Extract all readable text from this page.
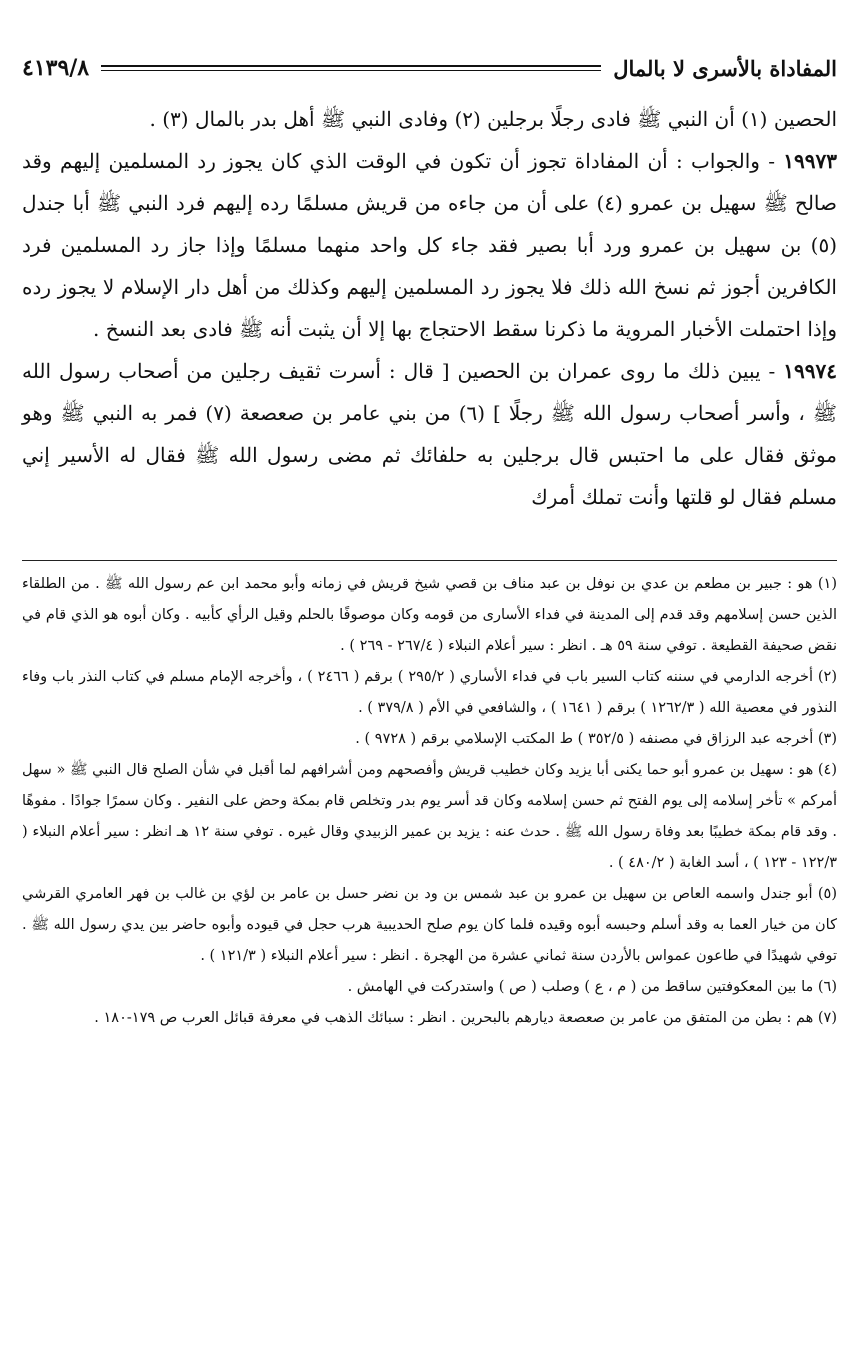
المفاداة بالأسرى لا بالمال
٤١٣٩/٨

الحصين (١) أن النبي ﷺ فادى رجلًا برجلين (٢) وفادى النبي ﷺ أهل بدر بالمال (٣) .

١٩٩٧٣ - والجواب : أن المفاداة تجوز أن تكون في الوقت الذي كان يجوز رد المسلمين إليهم وقد صالح ﷺ سهيل بن عمرو (٤) على أن من جاءه من قريش مسلمًا رده إليهم فرد النبي ﷺ أبا جندل (٥) بن سهيل بن عمرو ورد أبا بصير فقد جاء كل واحد منهما مسلمًا وإذا جاز رد المسلمين فرد الكافرين أجوز ثم نسخ الله ذلك فلا يجوز رد المسلمين إليهم وكذلك من أهل دار الإسلام لا يجوز رده وإذا احتملت الأخبار المروية ما ذكرنا سقط الاحتجاج بها إلا أن يثبت أنه ﷺ فادى بعد النسخ .

١٩٩٧٤ - يبين ذلك ما روى عمران بن الحصين [ قال : أسرت ثقيف رجلين من أصحاب رسول الله ﷺ ، وأسر أصحاب رسول الله ﷺ رجلًا ] (٦) من بني عامر بن صعصعة (٧) فمر به النبي ﷺ وهو موثق فقال على ما احتبس قال برجلين به حلفائك ثم مضى رسول الله ﷺ فقال له الأسير إني مسلم فقال لو قلتها وأنت تملك أمرك

(١) هو : جبير بن مطعم بن عدي بن نوفل بن عبد مناف بن قصي شيخ قريش في زمانه وأبو محمد ابن عم رسول الله ﷺ . من الطلقاء الذين حسن إسلامهم وقد قدم إلى المدينة في فداء الأسارى من قومه وكان موصوفًا بالحلم وقيل الرأي كأبيه . وكان أبوه هو الذي قام في نقض صحيفة القطيعة . توفي سنة ٥٩ هـ . انظر : سير أعلام النبلاء ( ٢٦٧/٤ - ٢٦٩ ) .

(٢) أخرجه الدارمي في سننه كتاب السير باب في فداء الأساري ( ٢٩٥/٢ ) برقم ( ٢٤٦٦ ) ، وأخرجه الإمام مسلم في كتاب النذر باب وفاء النذور في معصية الله ( ١٢٦٢/٣ ) برقم ( ١٦٤١ ) ، والشافعي في الأم ( ٣٧٩/٨ ) .

(٣) أخرجه عبد الرزاق في مصنفه ( ٣٥٢/٥ ) ط المكتب الإسلامي برقم ( ٩٧٢٨ ) .

(٤) هو : سهيل بن عمرو أبو حما يكنى أبا يزيد وكان خطيب قريش وأفصحهم ومن أشرافهم لما أقبل في شأن الصلح قال النبي ﷺ « سهل أمركم » تأخر إسلامه إلى يوم الفتح ثم حسن إسلامه وكان قد أسر يوم بدر وتخلص قام بمكة وحض على النفير . وكان سمرًا جوادًا . مفوهًا . وقد قام بمكة خطيبًا بعد وفاة رسول الله ﷺ . حدث عنه : يزيد بن عمير الزبيدي وقال غيره . توفي سنة ١٢ هـ انظر : سير أعلام النبلاء ( ١٢٢/٣ - ١٢٣ ) ، أسد الغابة ( ٤٨٠/٢ ) .

(٥) أبو جندل واسمه العاص بن سهيل بن عمرو بن عبد شمس بن ود بن نضر حسل بن عامر بن لؤي بن غالب بن فهر العامري القرشي كان من خيار العما به وقد أسلم وحبسه أبوه وقيده فلما كان يوم صلح الحديبية هرب حجل في قيوده وأبوه حاضر بين يدي رسول الله ﷺ . توفي شهيدًا في طاعون عمواس بالأردن سنة ثماني عشرة من الهجرة . انظر : سير أعلام النبلاء ( ١٢١/٣ ) .

(٦) ما بين المعكوفتين ساقط من ( م ، ع ) وصلب ( ص ) واستدركت في الهامش .

(٧) هم : بطن من المتفق من عامر بن صعصعة ديارهم بالبحرين . انظر : سبائك الذهب في معرفة قبائل العرب ص ١٧٩-١٨٠ .
